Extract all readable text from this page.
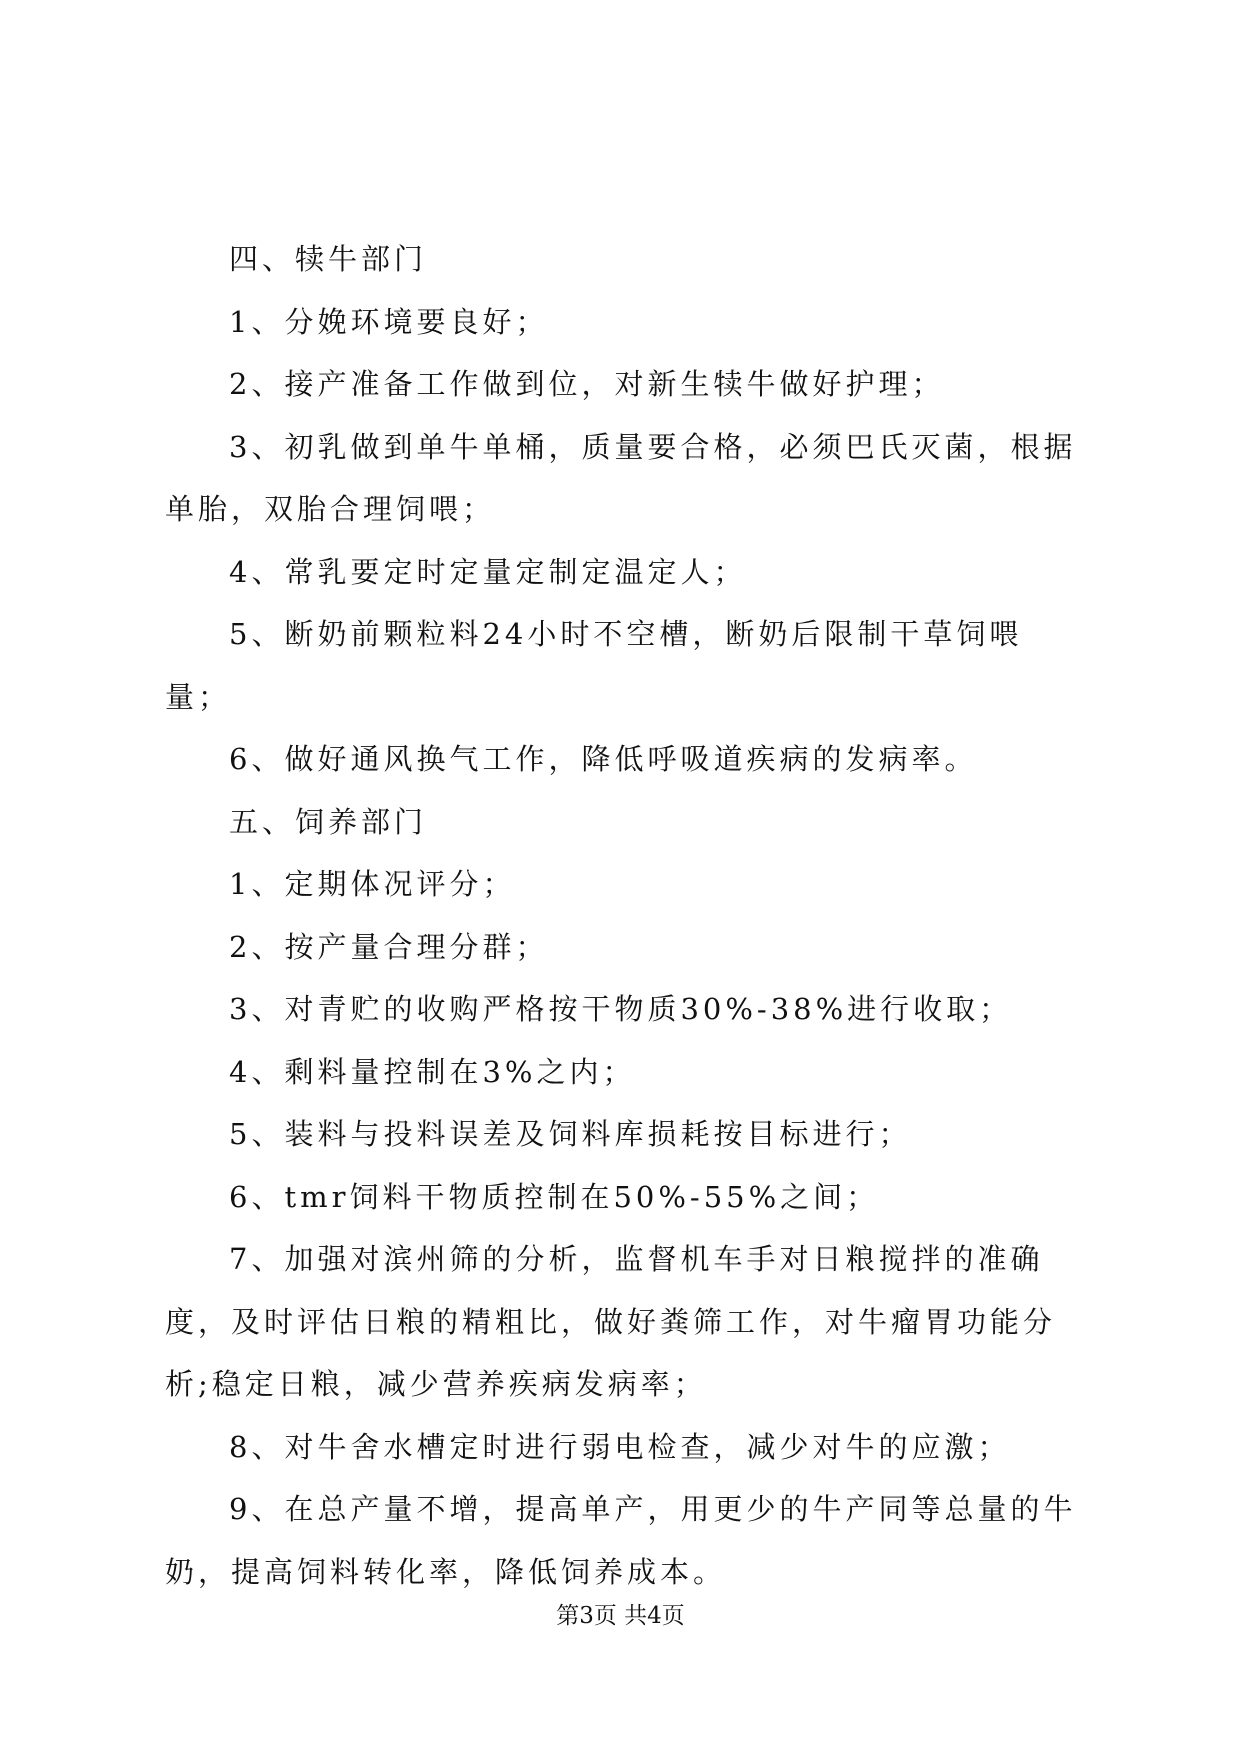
四、犊牛部门

1、分娩环境要良好；

2、接产准备工作做到位，对新生犊牛做好护理；

3、初乳做到单牛单桶，质量要合格，必须巴氏灭菌，根据单胎，双胎合理饲喂；

4、常乳要定时定量定制定温定人；

5、断奶前颗粒料24小时不空槽，断奶后限制干草饲喂量；

6、做好通风换气工作，降低呼吸道疾病的发病率。

五、饲养部门

1、定期体况评分；

2、按产量合理分群；

3、对青贮的收购严格按干物质30%-38%进行收取；

4、剩料量控制在3%之内；

5、装料与投料误差及饲料库损耗按目标进行；

6、tmr饲料干物质控制在50%-55%之间；

7、加强对滨州筛的分析，监督机车手对日粮搅拌的准确度，及时评估日粮的精粗比，做好粪筛工作，对牛瘤胃功能分析;稳定日粮，减少营养疾病发病率；

8、对牛舍水槽定时进行弱电检查，减少对牛的应激；

9、在总产量不增，提高单产，用更少的牛产同等总量的牛奶，提高饲料转化率，降低饲养成本。

第3页 共4页
